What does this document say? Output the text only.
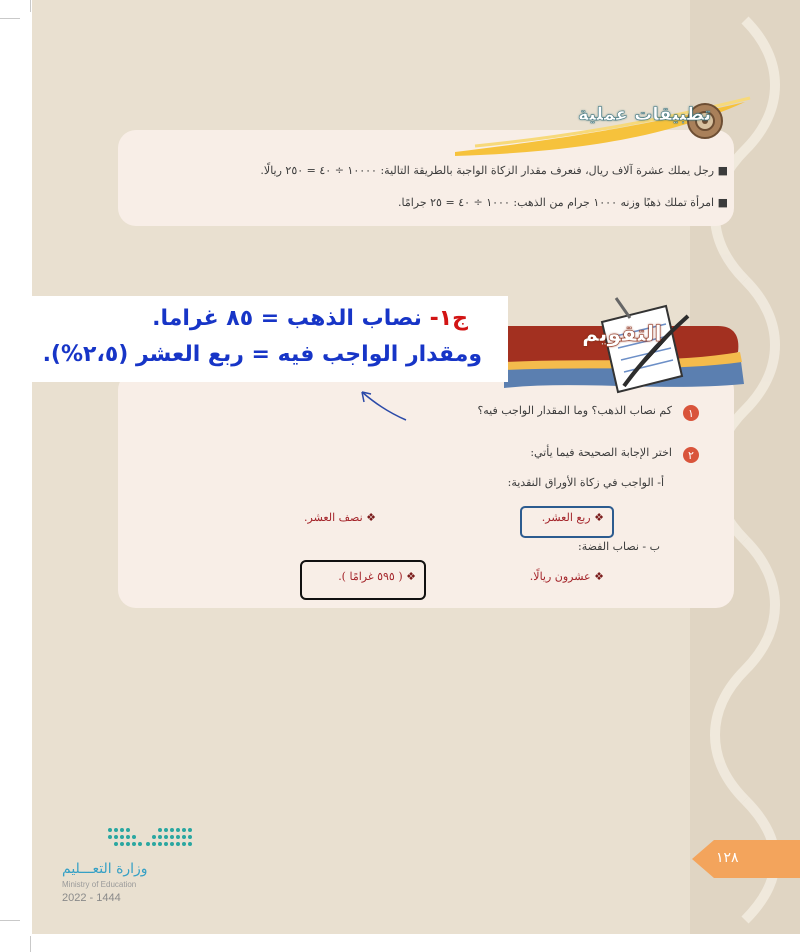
تطبيقات عملية
■ رجل يملك عشرة آلاف ريال، فنعرف مقدار الزكاة الواجبة بالطريقة التالية: ١٠٠٠٠ ÷ ٤٠ = ٢٥٠ ريالًا.
■ امرأة تملك ذهبًا وزنه ١٠٠٠ جرام من الذهب: ١٠٠٠ ÷ ٤٠ = ٢٥ جرامًا.
التقويم
ج١- نصاب الذهب = ٨٥ غراما.
ومقدار الواجب فيه = ربع العشر (٢،٥%).
١
كم نصاب الذهب؟ وما المقدار الواجب فيه؟
٢
اختر الإجابة الصحيحة فيما يأتي:
أ- الواجب في زكاة الأوراق النقدية:
❖ ربع العشر.
❖ نصف العشر.
ب - نصاب الفضة:
❖ عشرون ريالًا.
❖ ( ٥٩٥ غرامًا ).
وزارة التعـــليم
Ministry of Education
2022 - 1444
١٢٨
